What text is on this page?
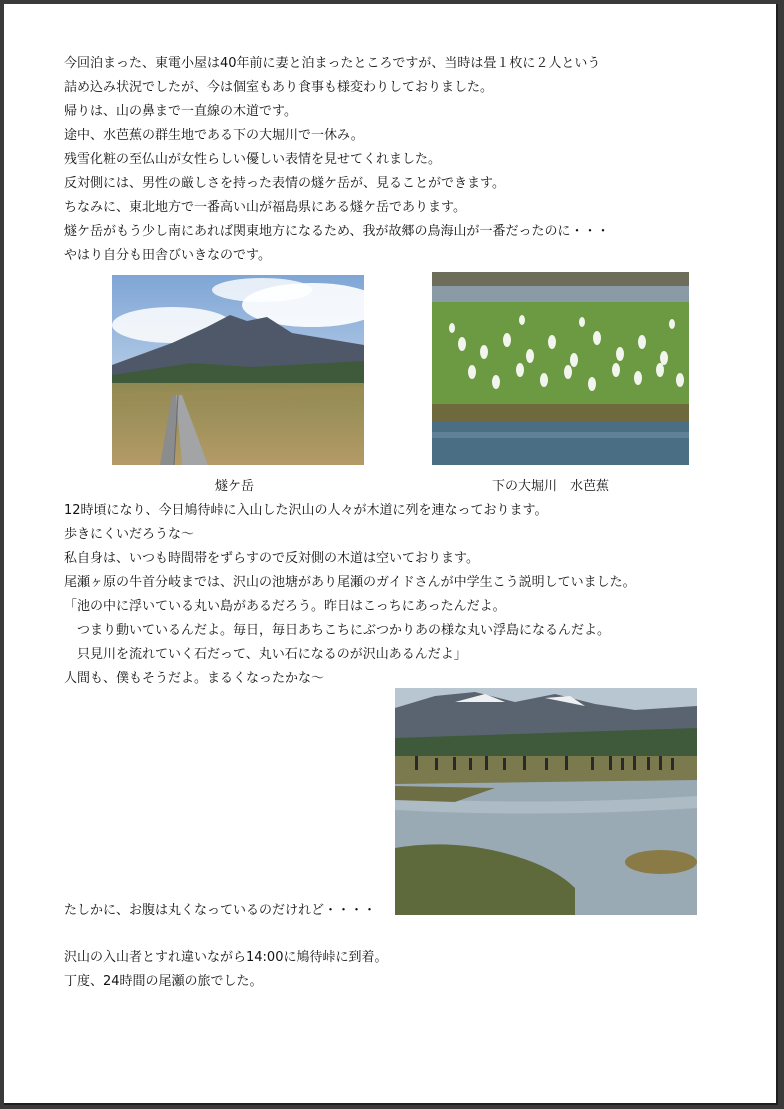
今回泊まった、東電小屋は40年前に妻と泊まったところですが、当時は畳１枚に２人という
詰め込み状況でしたが、今は個室もあり食事も様変わりしておりました。
帰りは、山の鼻まで一直線の木道です。
途中、水芭蕉の群生地である下の大堀川で一休み。
残雪化粧の至仏山が女性らしい優しい表情を見せてくれました。
反対側には、男性の厳しさを持った表情の燧ケ岳が、見ることができます。
ちなみに、東北地方で一番高い山が福島県にある燧ケ岳であります。
燧ケ岳がもう少し南にあれば関東地方になるため、我が故郷の鳥海山が一番だったのに・・・
やはり自分も田舎びいきなのです。
燧ケ岳	下の大堀川　水芭蕉
12時頃になり、今日鳩待峠に入山した沢山の人々が木道に列を連なっております。
歩きにくいだろうな〜
私自身は、いつも時間帯をずらすので反対側の木道は空いております。
尾瀬ヶ原の牛首分岐までは、沢山の池塘があり尾瀬のガイドさんが中学生こう説明していました。
「池の中に浮いている丸い島があるだろう。昨日はこっちにあったんだよ。
　つまり動いているんだよ。毎日，毎日あちこちにぶつかりあの様な丸い浮島になるんだよ。
　只見川を流れていく石だって、丸い石になるのが沢山あるんだよ」
人間も、僕もそうだよ。まるくなったかな〜
たしかに、お腹は丸くなっているのだけれど・・・・
沢山の入山者とすれ違いながら14:00に鳩待峠に到着。
丁度、24時間の尾瀬の旅でした。
